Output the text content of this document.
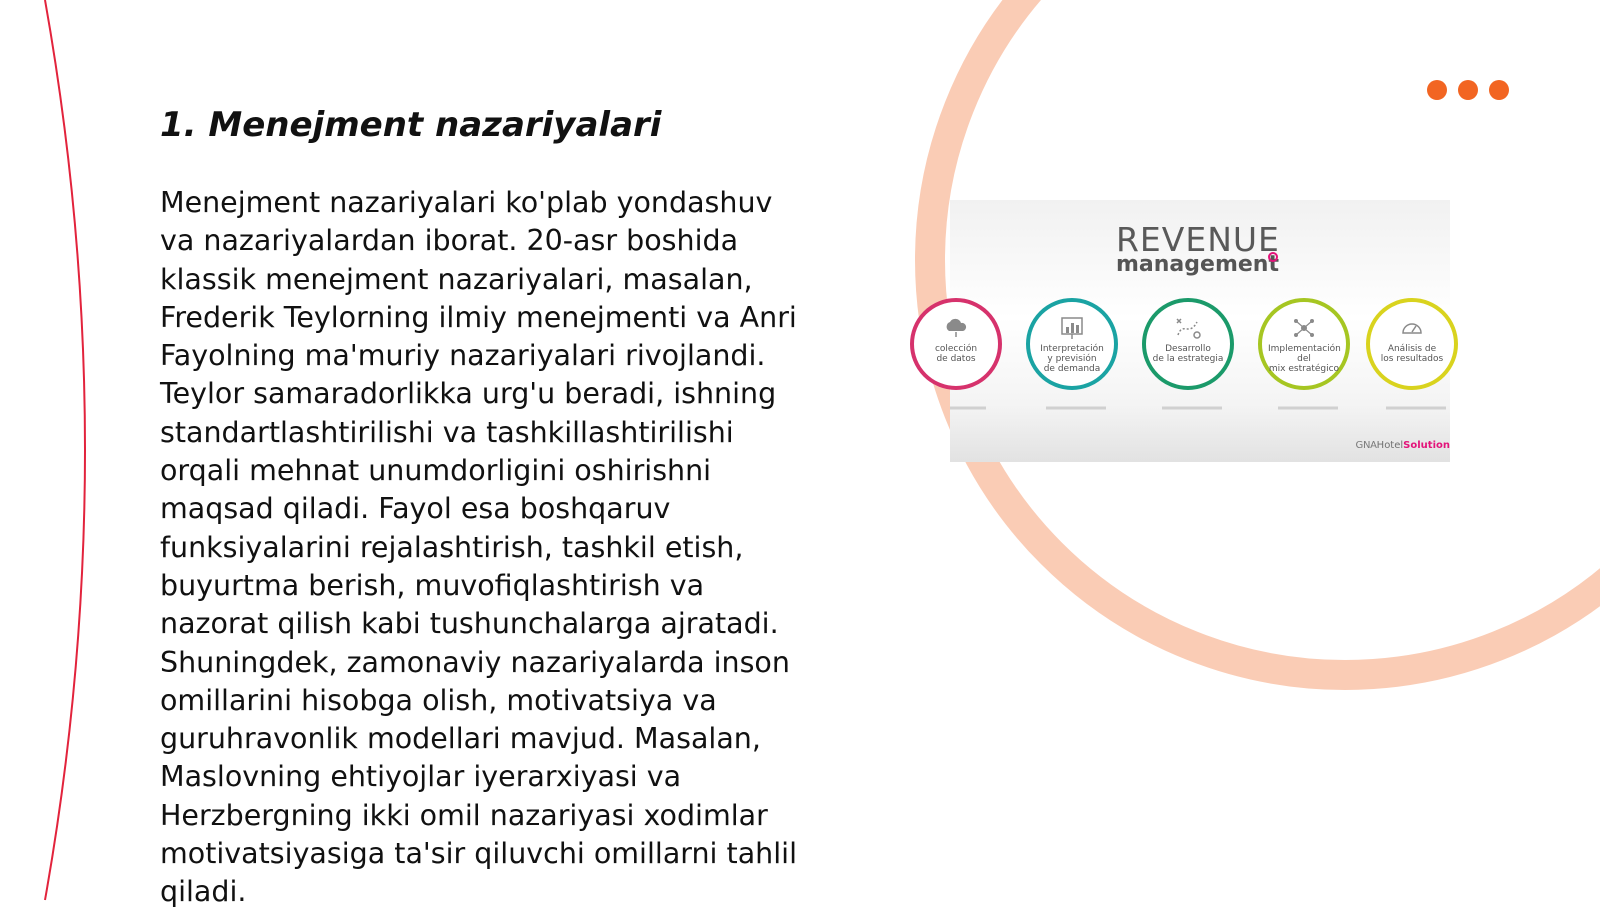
1. Menejment nazariyalari

Menejment nazariyalari ko'plab yondashuv
va nazariyalardan iborat. 20-asr boshida
klassik menejment nazariyalari, masalan,
Frederik Teylorning ilmiy menejmenti va Anri
Fayolning ma'muriy nazariyalari rivojlandi.
Teylor samaradorlikka urg'u beradi, ishning
standartlashtirilishi va tashkillashtirilishi
orqali mehnat unumdorligini oshirishni
maqsad qiladi. Fayol esa boshqaruv
funksiyalarini rejalashtirish, tashkil etish,
buyurtma berish, muvofiqlashtirish va
nazorat qilish kabi tushunchalarga ajratadi.
Shuningdek, zamonaviy nazariyalarda inson
omillarini hisobga olish, motivatsiya va
guruhravonlik modellari mavjud. Masalan,
Maslovning ehtiyojlar iyerarxiyasi va
Herzbergning ikki omil nazariyasi xodimlar
motivatsiyasiga ta'sir qiluvchi omillarni tahlil
qiladi.

REVENUE
management
colección
de datos
Interpretación
y previsión
de demanda
Desarrollo
de la estrategia
Implementación del
mix estratégico
Análisis de
los resultados
GNAHotelSolution
